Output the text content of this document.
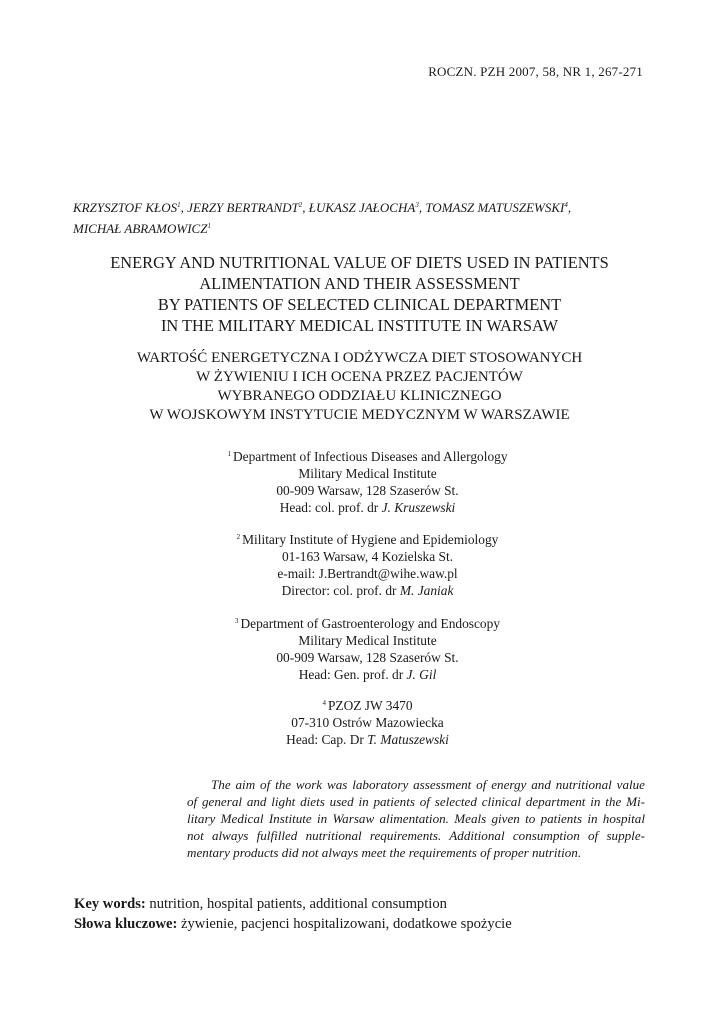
ROCZN. PZH 2007, 58, NR 1, 267-271
KRZYSZTOF KŁOS$^1$, JERZY BERTRANDT$^2$, ŁUKASZ JAŁOCHA$^3$, TOMASZ MATUSZEWSKI$^4$,
MICHAŁ ABRAMOWICZ$^1$
ENERGY AND NUTRITIONAL VALUE OF DIETS USED IN PATIENTS
ALIMENTATION AND THEIR ASSESSMENT
BY PATIENTS OF SELECTED CLINICAL DEPARTMENT
IN THE MILITARY MEDICAL INSTITUTE IN WARSAW
WARTOŚĆ ENERGETYCZNA I ODŻYWCZA DIET STOSOWANYCH
W ŻYWIENIU I ICH OCENA PRZEZ PACJENTÓW
WYBRANEGO ODDZIAŁU KLINICZNEGO
W WOJSKOWYM INSTYTUCIE MEDYCZNYM W WARSZAWIE
$^1$ Department of Infectious Diseases and Allergology
Military Medical Institute
00-909 Warsaw, 128 Szaserów St.
Head: col. prof. dr J. Kruszewski
$^2$ Military Institute of Hygiene and Epidemiology
01-163 Warsaw, 4 Kozielska St.
e-mail: J.Bertrandt@wihe.waw.pl
Director: col. prof. dr M. Janiak
$^3$ Department of Gastroenterology and Endoscopy
Military Medical Institute
00-909 Warsaw, 128 Szaserów St.
Head: Gen. prof. dr J. Gil
$^4$ PZOZ JW 3470
07-310 Ostrów Mazowiecka
Head: Cap. Dr T. Matuszewski
The aim of the work was laboratory assessment of energy and nutritional value
of general and light diets used in patients of selected clinical department in the Mi-
litary Medical Institute in Warsaw alimentation. Meals given to patients in hospital
not always fulfilled nutritional requirements. Additional consumption of supple-
mentary products did not always meet the requirements of proper nutrition.
Key words: nutrition, hospital patients, additional consumption
Słowa kluczowe: żywienie, pacjenci hospitalizowani, dodatkowe spożycie
